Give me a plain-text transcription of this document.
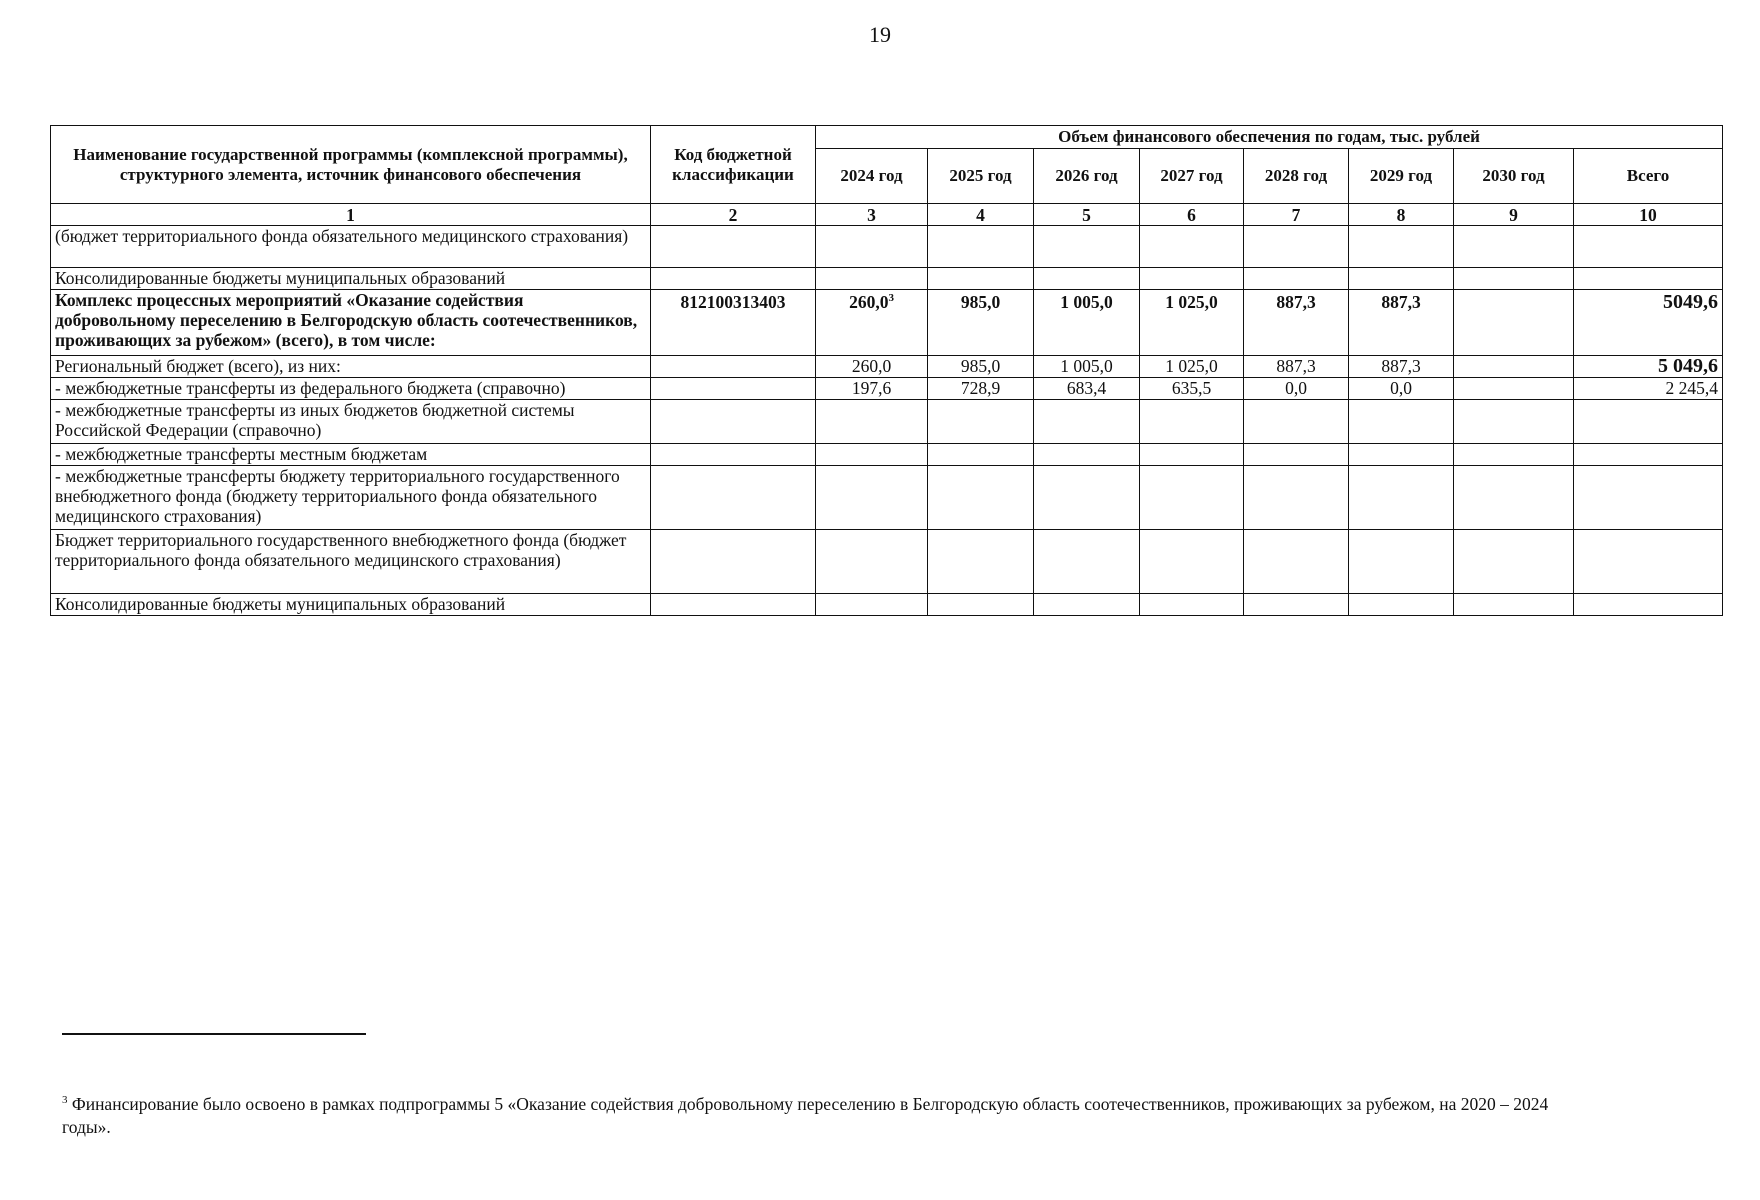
19
Наименование государственной программы (комплексной программы), структурного элемента, источник финансового обеспечения	Код бюджетной классификации	Объем финансового обеспечения по годам, тыс. рублей							
		2024 год	2025 год	2026 год	2027 год	2028 год	2029 год	2030 год	Всего
1	2	3	4	5	6	7	8	9	10
(бюджет территориального фонда обязательного медицинского страхования)									
Консолидированные бюджеты муниципальных образований									
Комплекс процессных мероприятий «Оказание содействия добровольному переселению в Белгородскую область соотечественников, проживающих за рубежом» (всего), в том числе:	812100313403	260,0$^3$	985,0	1 005,0	1 025,0	887,3	887,3		5049,6
Региональный бюджет (всего), из них:		260,0	985,0	1 005,0	1 025,0	887,3	887,3		5 049,6
- межбюджетные трансферты из федерального бюджета (справочно)		197,6	728,9	683,4	635,5	0,0	0,0		2 245,4
- межбюджетные трансферты из иных бюджетов бюджетной системы Российской Федерации (справочно)									
- межбюджетные трансферты местным бюджетам									
- межбюджетные трансферты бюджету территориального государственного внебюджетного фонда (бюджету территориального фонда обязательного медицинского страхования)									
Бюджет территориального государственного внебюджетного фонда (бюджет территориального фонда обязательного медицинского страхования)									
Консолидированные бюджеты муниципальных образований									
$^3$ Финансирование было освоено в рамках подпрограммы 5 «Оказание содействия добровольному переселению в Белгородскую область соотечественников, проживающих за рубежом, на 2020 – 2024 годы».
